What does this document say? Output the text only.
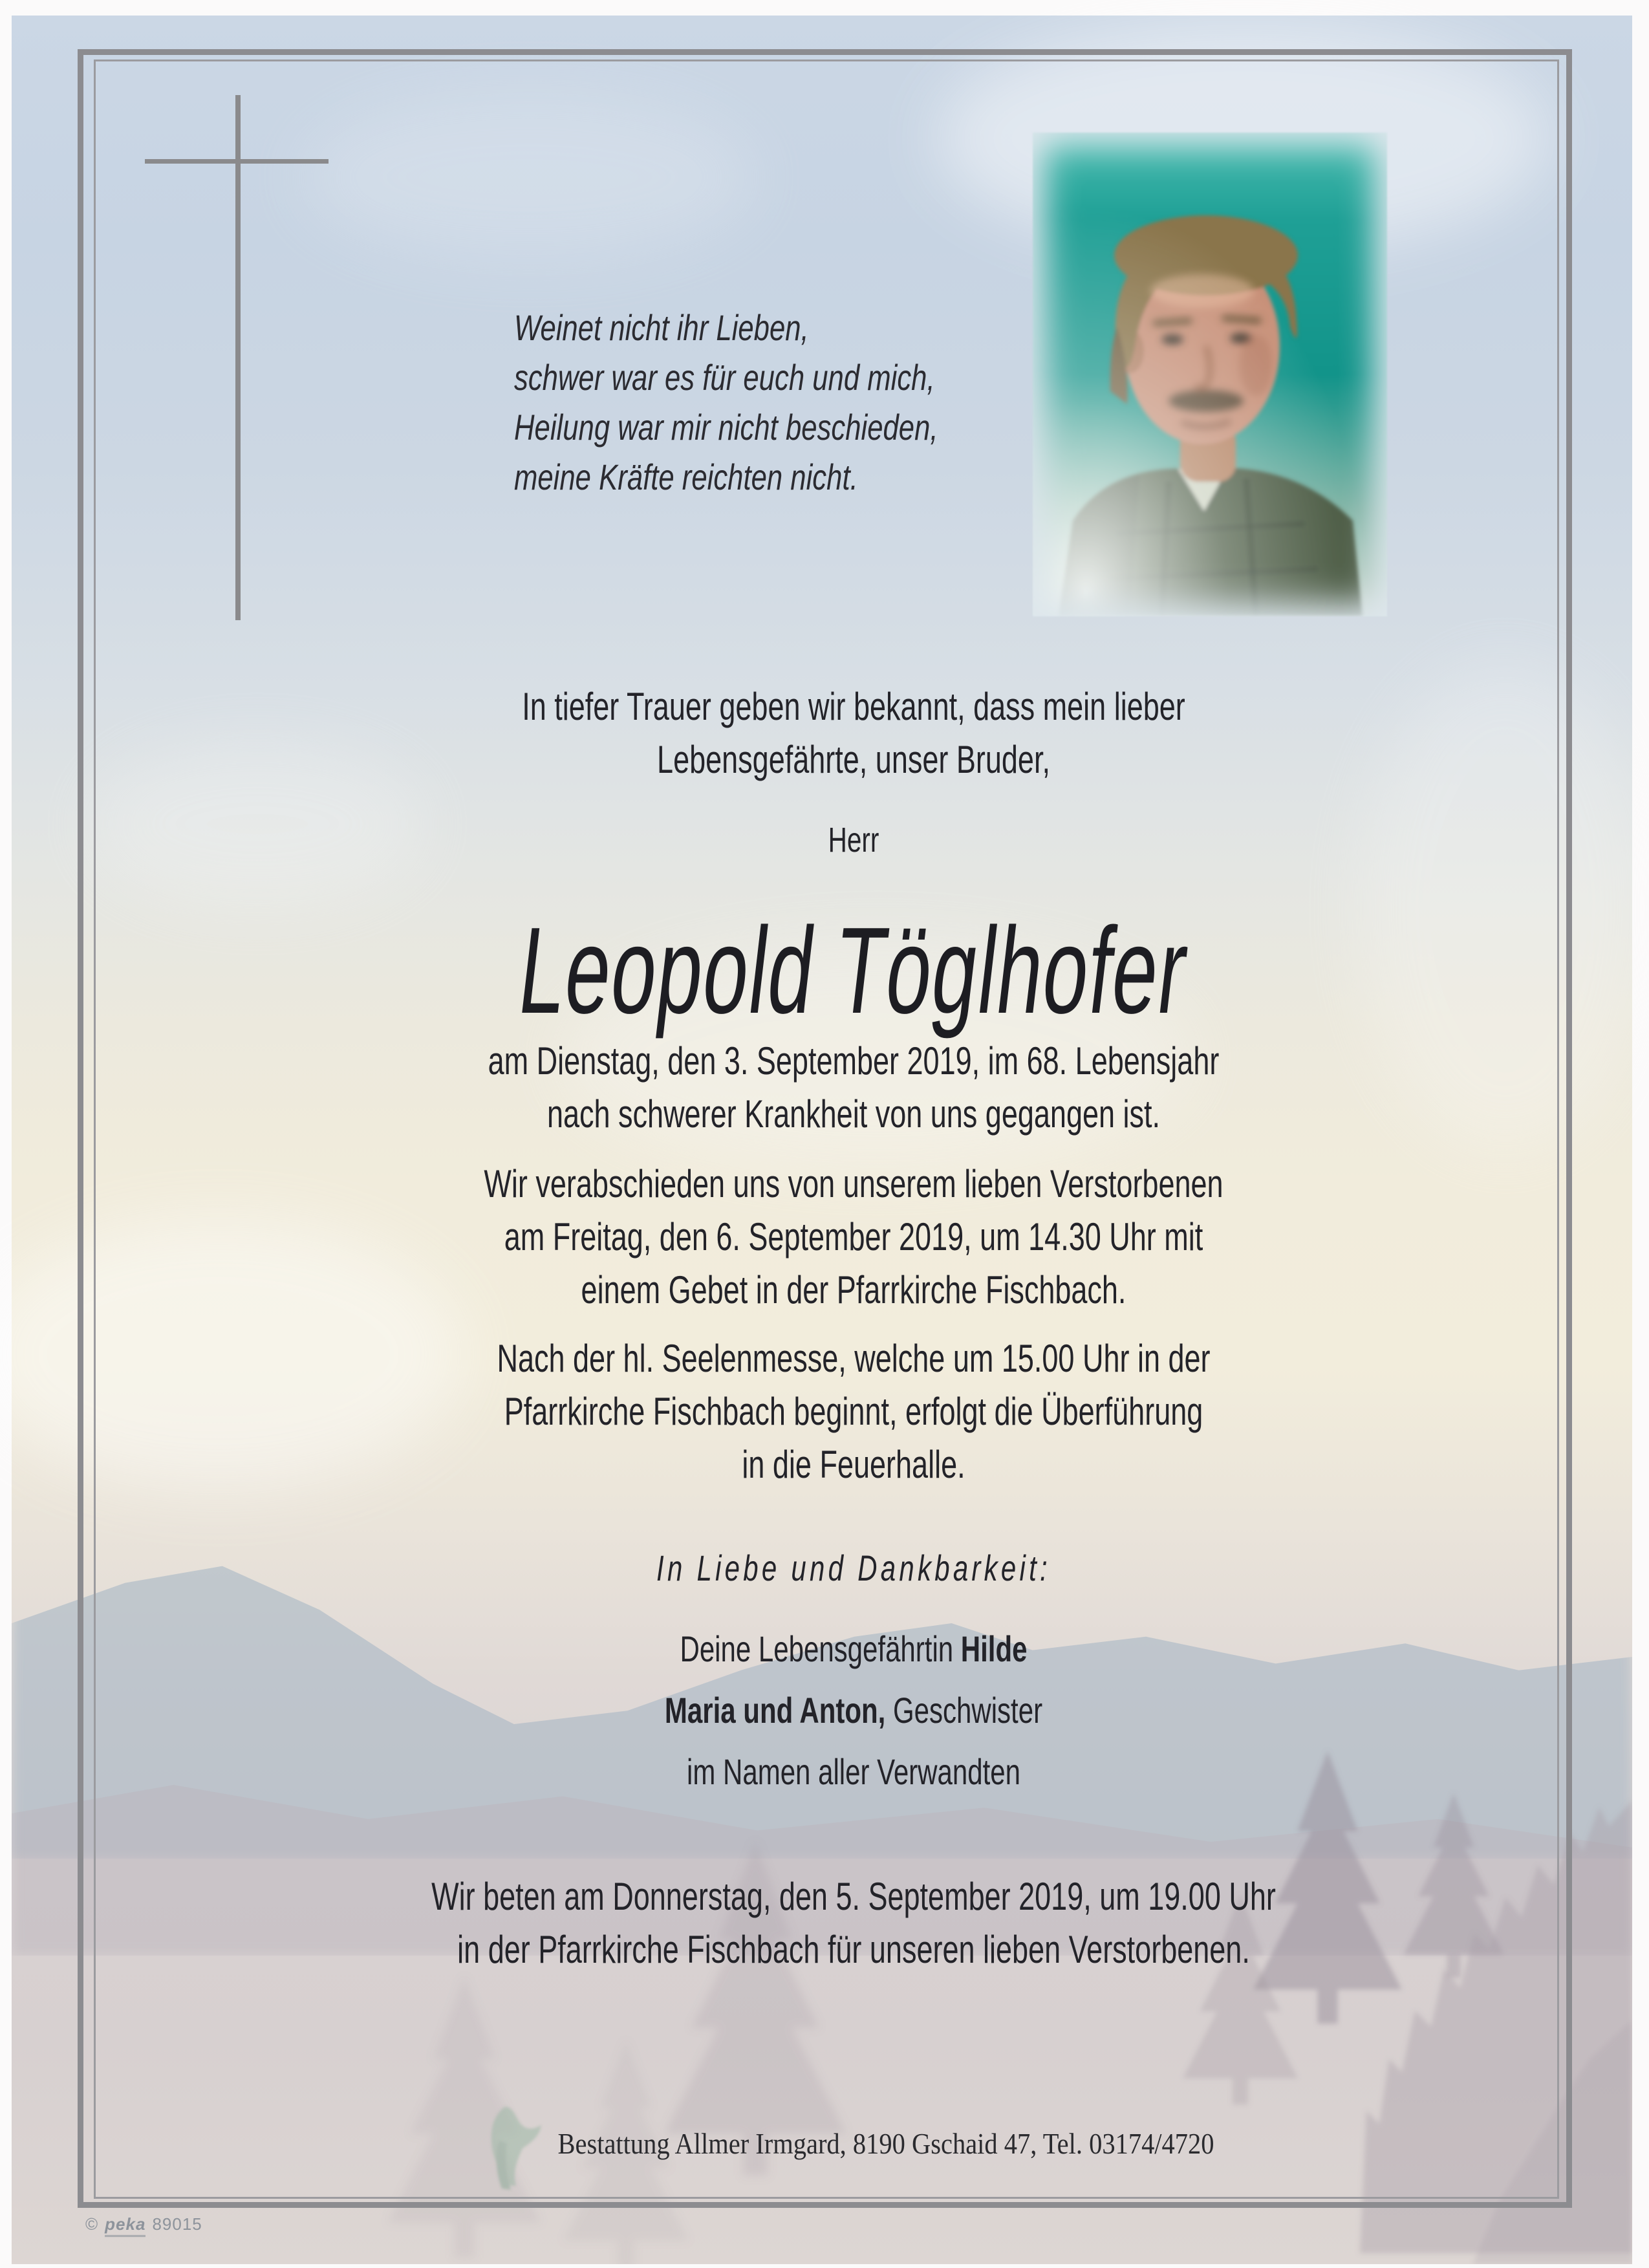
Weinet nicht ihr Lieben,
schwer war es für euch und mich,
Heilung war mir nicht beschieden,
meine Kräfte reichten nicht.
In tiefer Trauer geben wir bekannt, dass mein lieber
Lebensgefährte, unser Bruder,
Herr
Leopold Töglhofer
am Dienstag, den 3. September 2019, im 68. Lebensjahr
nach schwerer Krankheit von uns gegangen ist.
Wir verabschieden uns von unserem lieben Verstorbenen
am Freitag, den 6. September 2019, um 14.30 Uhr mit
einem Gebet in der Pfarrkirche Fischbach.
Nach der hl. Seelenmesse, welche um 15.00 Uhr in der
Pfarrkirche Fischbach beginnt, erfolgt die Überführung
in die Feuerhalle.
In Liebe und Dankbarkeit:
Deine Lebensgefährtin Hilde
Maria und Anton, Geschwister
im Namen aller Verwandten
Wir beten am Donnerstag, den 5. September 2019, um 19.00 Uhr
in der Pfarrkirche Fischbach für unseren lieben Verstorbenen.
Bestattung Allmer Irmgard, 8190 Gschaid 47, Tel. 03174/4720
© peka 89015
